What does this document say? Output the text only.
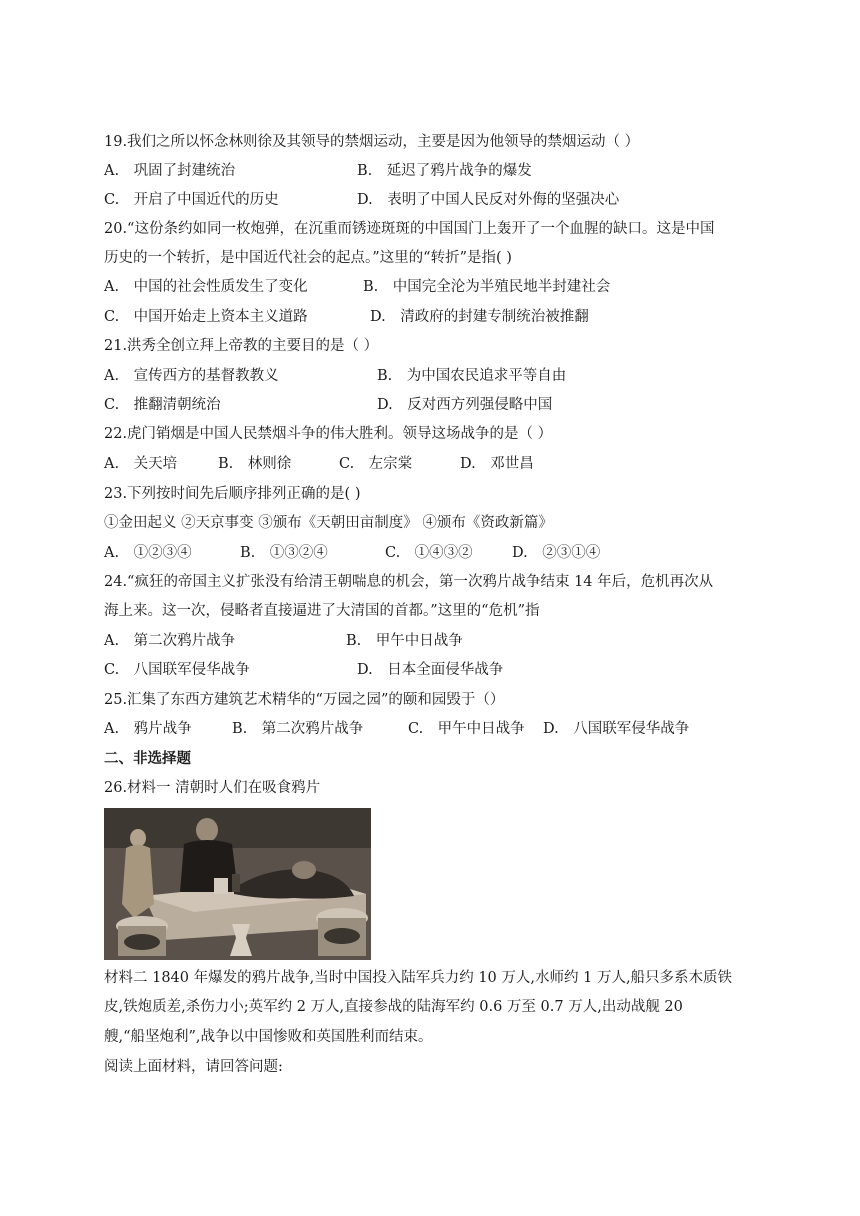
19.我们之所以怀念林则徐及其领导的禁烟运动，主要是因为他领导的禁烟运动（ ）
A.　巩固了封建统治	B.　延迟了鸦片战争的爆发
C.　开启了中国近代的历史	D.　表明了中国人民反对外侮的坚强决心
20.“这份条约如同一枚炮弹，在沉重而锈迹斑斑的中国国门上轰开了一个血腥的缺口。这是中国
历史的一个转折，是中国近代社会的起点。”这里的“转折”是指( )
A.　中国的社会性质发生了变化	B.　中国完全沦为半殖民地半封建社会
C.　中国开始走上资本主义道路	D.　清政府的封建专制统治被推翻
21.洪秀全创立拜上帝教的主要目的是（ ）
A.　宣传西方的基督教教义	B.　为中国农民追求平等自由
C.　推翻清朝统治	D.　反对西方列强侵略中国
22.虎门销烟是中国人民禁烟斗争的伟大胜利。领导这场战争的是（ ）
A.　关天培	B.　林则徐	C.　左宗棠	D.　邓世昌
23.下列按时间先后顺序排列正确的是( )
①金田起义 ②天京事变 ③颁布《天朝田亩制度》 ④颁布《资政新篇》
A.　①②③④	B.　①③②④	C.　①④③②	D.　②③①④
24.“疯狂的帝国主义扩张没有给清王朝喘息的机会，第一次鸦片战争结束 14 年后，危机再次从
海上来。这一次，侵略者直接逼进了大清国的首都。”这里的“危机”指
A.　第二次鸦片战争	B.　甲午中日战争
C.　八国联军侵华战争	D.　日本全面侵华战争
25.汇集了东西方建筑艺术精华的“万园之园”的颐和园毁于（）
A.　鸦片战争	B.　第二次鸦片战争	C.　甲午中日战争 D.　八国联军侵华战争
二、非选择题
26.材料一 清朝时人们在吸食鸦片
材料二 1840 年爆发的鸦片战争,当时中国投入陆军兵力约 10 万人,水师约 1 万人,船只多系木质铁
皮,铁炮质差,杀伤力小;英军约 2 万人,直接参战的陆海军约 0.6 万至 0.7 万人,出动战舰 20
艘,“船坚炮利”,战争以中国惨败和英国胜利而结束。
阅读上面材料，请回答问题:
